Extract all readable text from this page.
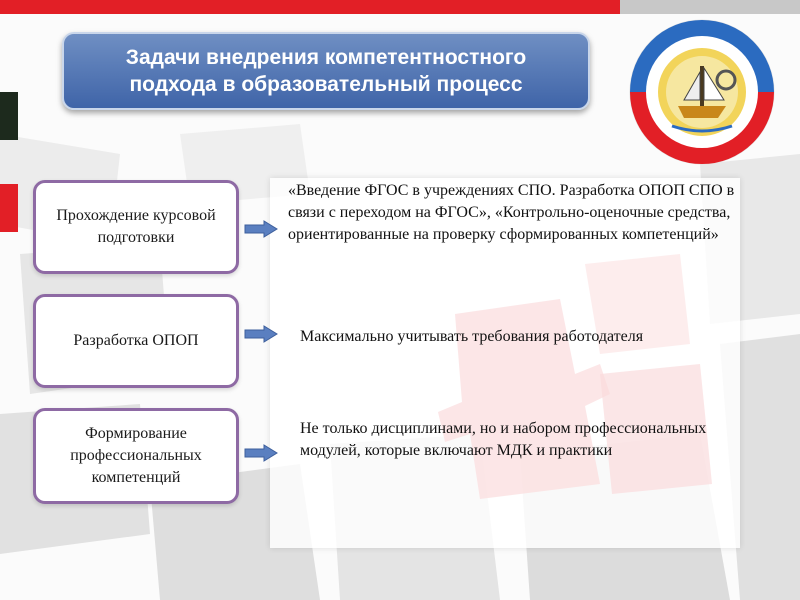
Задачи внедрения компетентностного подхода в образовательный процесс
Прохождение курсовой подготовки
«Введение ФГОС в учреждениях СПО. Разработка ОПОП СПО в связи с переходом на ФГОС», «Контрольно-оценочные средства, ориентированные на проверку сформированных компетенций»
Разработка ОПОП	Максимально учитывать требования работодателя
Формирование профессиональных компетенций
Не только дисциплинами, но и набором профессиональных модулей, которые включают МДК и практики
